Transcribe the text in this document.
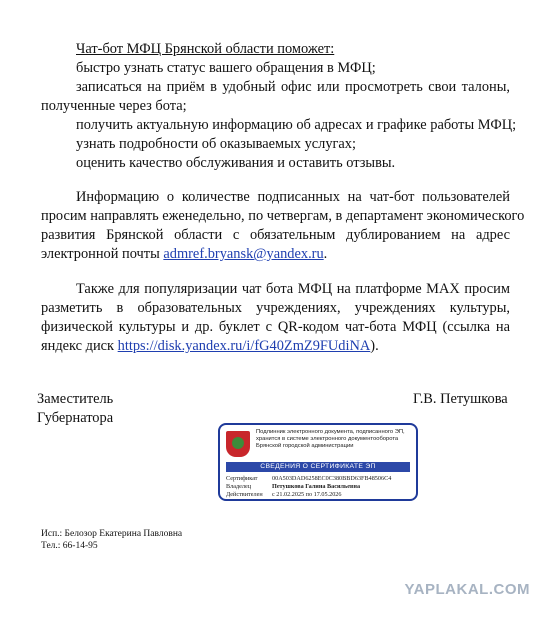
Чат-бот МФЦ Брянской области поможет:
быстро узнать статус вашего обращения в МФЦ;
записаться на приём в удобный офис или просмотреть свои талоны,
полученные через бота;
получить актуальную информацию об адресах и графике работы МФЦ;
узнать подробности об оказываемых услугах;
оценить качество обслуживания и оставить отзывы.
Информацию о количестве подписанных на чат-бот пользователей
просим направлять еженедельно, по четвергам, в департамент экономического
развития Брянской области с обязательным дублированием на адрес
электронной почты admref.bryansk@yandex.ru.
Также для популяризации чат бота МФЦ на платформе MAX просим
разметить в образовательных учреждениях, учреждениях культуры,
физической культуры и др. буклет с QR-кодом чат-бота МФЦ (ссылка на
яндекс диск https://disk.yandex.ru/i/fG40ZmZ9FUdiNA).
Заместитель
Губернатора
Г.В. Петушкова
Подлинник электронного документа, подписанного ЭП, хранится в системе электронного документооборота Брянской городской администрации
СВЕДЕНИЯ О СЕРТИФИКАТЕ ЭП
Сертификат 00A503DAD6258EC0C380BBD63FB48506C4
Владелец	Петушкова Галина Васильевна
Действителен с 21.02.2025 по 17.05.2026
Исп.: Белозор Екатерина Павловна
Тел.: 66-14-95
YAPLAKAL.COM
